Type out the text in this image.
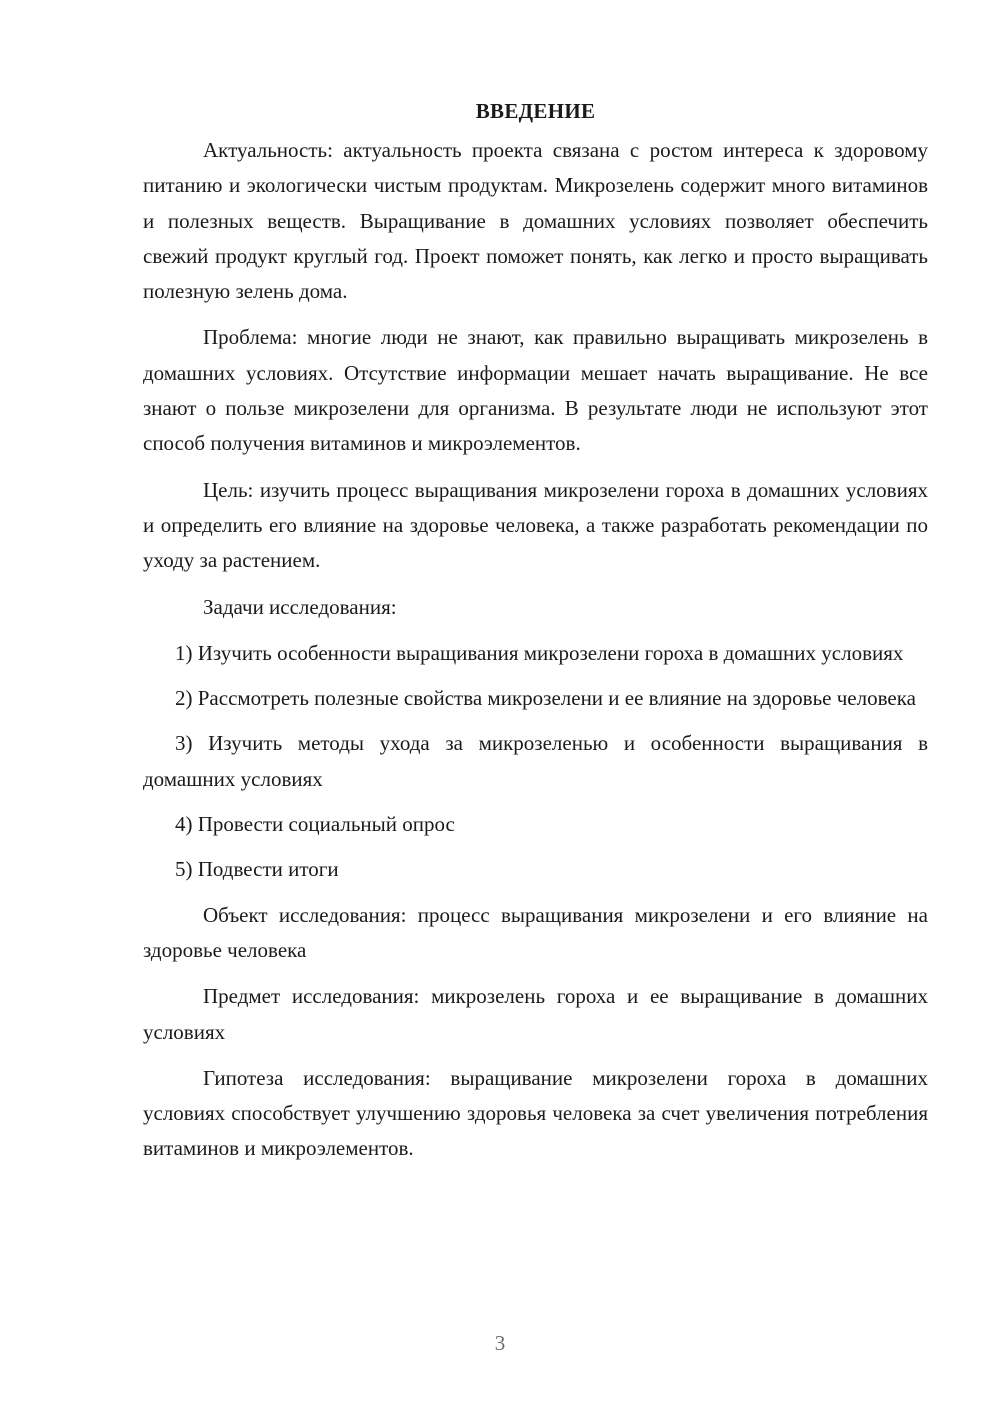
ВВЕДЕНИЕ

Актуальность: актуальность проекта связана с ростом интереса к здоровому питанию и экологически чистым продуктам. Микрозелень содержит много витаминов и полезных веществ. Выращивание в домашних условиях позволяет обеспечить свежий продукт круглый год. Проект поможет понять, как легко и просто выращивать полезную зелень дома.

Проблема: многие люди не знают, как правильно выращивать микрозелень в домашних условиях. Отсутствие информации мешает начать выращивание. Не все знают о пользе микрозелени для организма. В результате люди не используют этот способ получения витаминов и микроэлементов.

Цель: изучить процесс выращивания микрозелени гороха в домашних условиях и определить его влияние на здоровье человека, а также разработать рекомендации по уходу за растением.

Задачи исследования:

1) Изучить особенности выращивания микрозелени гороха в домашних условиях

2) Рассмотреть полезные свойства микрозелени и ее влияние на здоровье человека

3) Изучить методы ухода за микрозеленью и особенности выращивания в домашних условиях

4) Провести социальный опрос

5) Подвести итоги

Объект исследования: процесс выращивания микрозелени и его влияние на здоровье человека

Предмет исследования: микрозелень гороха и ее выращивание в домашних условиях

Гипотеза исследования: выращивание микрозелени гороха в домашних условиях способствует улучшению здоровья человека за счет увеличения потребления витаминов и микроэлементов.

3
